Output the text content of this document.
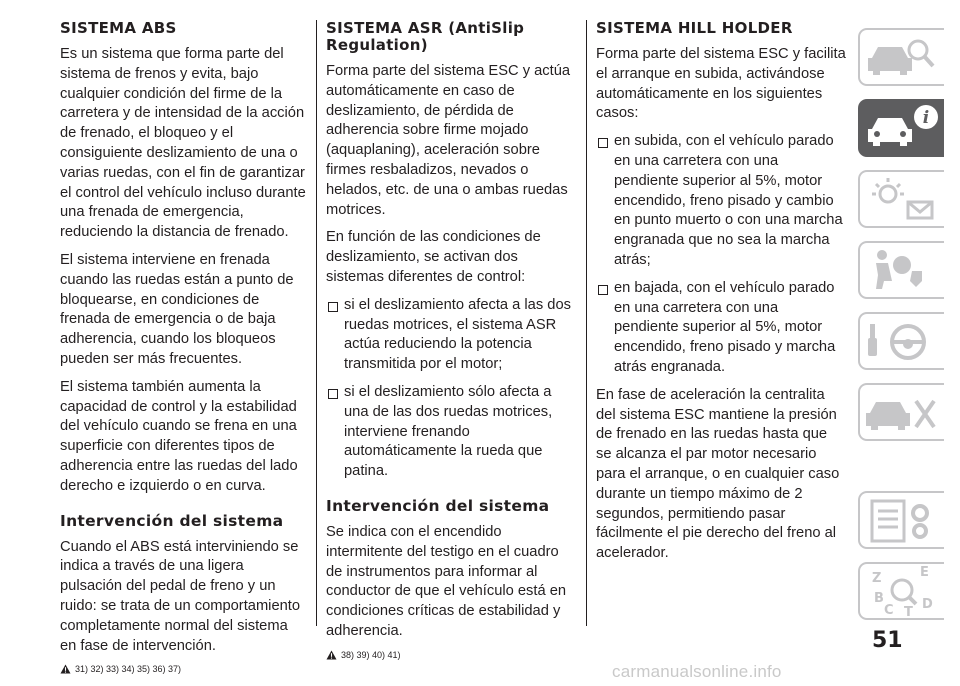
SISTEMA ABS

Es un sistema que forma parte del sistema de frenos y evita, bajo cualquier condición del firme de la carretera y de intensidad de la acción de frenado, el bloqueo y el consiguiente deslizamiento de una o varias ruedas, con el fin de garantizar el control del vehículo incluso durante una frenada de emergencia, reduciendo la distancia de frenado.

El sistema interviene en frenada cuando las ruedas están a punto de bloquearse, en condiciones de frenada de emergencia o de baja adherencia, cuando los bloqueos pueden ser más frecuentes.

El sistema también aumenta la capacidad de control y la estabilidad del vehículo cuando se frena en una superficie con diferentes tipos de adherencia entre las ruedas del lado derecho e izquierdo o en curva.

Intervención del sistema

Cuando el ABS está interviniendo se indica a través de una ligera pulsación del pedal de freno y un ruido: se trata de un comportamiento completamente normal del sistema en fase de intervención.

31) 32) 33) 34) 35) 36) 37)
SISTEMA ASR (AntiSlip Regulation)

Forma parte del sistema ESC y actúa automáticamente en caso de deslizamiento, de pérdida de adherencia sobre firme mojado (aquaplaning), aceleración sobre firmes resbaladizos, nevados o helados, etc. de una o ambas ruedas motrices.

En función de las condiciones de deslizamiento, se activan dos sistemas diferentes de control:

si el deslizamiento afecta a las dos ruedas motrices, el sistema ASR actúa reduciendo la potencia transmitida por el motor;
si el deslizamiento sólo afecta a una de las dos ruedas motrices, interviene frenando automáticamente la rueda que patina.
Intervención del sistema

Se indica con el encendido intermitente del testigo en el cuadro de instrumentos para informar al conductor de que el vehículo está en condiciones críticas de estabilidad y adherencia.

38) 39) 40) 41)
SISTEMA HILL HOLDER

Forma parte del sistema ESC y facilita el arranque en subida, activándose automáticamente en los siguientes casos:

en subida, con el vehículo parado en una carretera con una pendiente superior al 5%, motor encendido, freno pisado y cambio en punto muerto o con una marcha engranada que no sea la marcha atrás;
en bajada, con el vehículo parado en una carretera con una pendiente superior al 5%, motor encendido, freno pisado y marcha atrás engranada.

En fase de aceleración la centralita del sistema ESC mantiene la presión de frenado en las ruedas hasta que se alcanza el par motor necesario para el arranque, o en cualquier caso durante un tiempo máximo de 2 segundos, permitiendo pasar fácilmente el pie derecho del freno al acelerador.

i
Z	E
B
C T
D
51
carmanualsonline.info
